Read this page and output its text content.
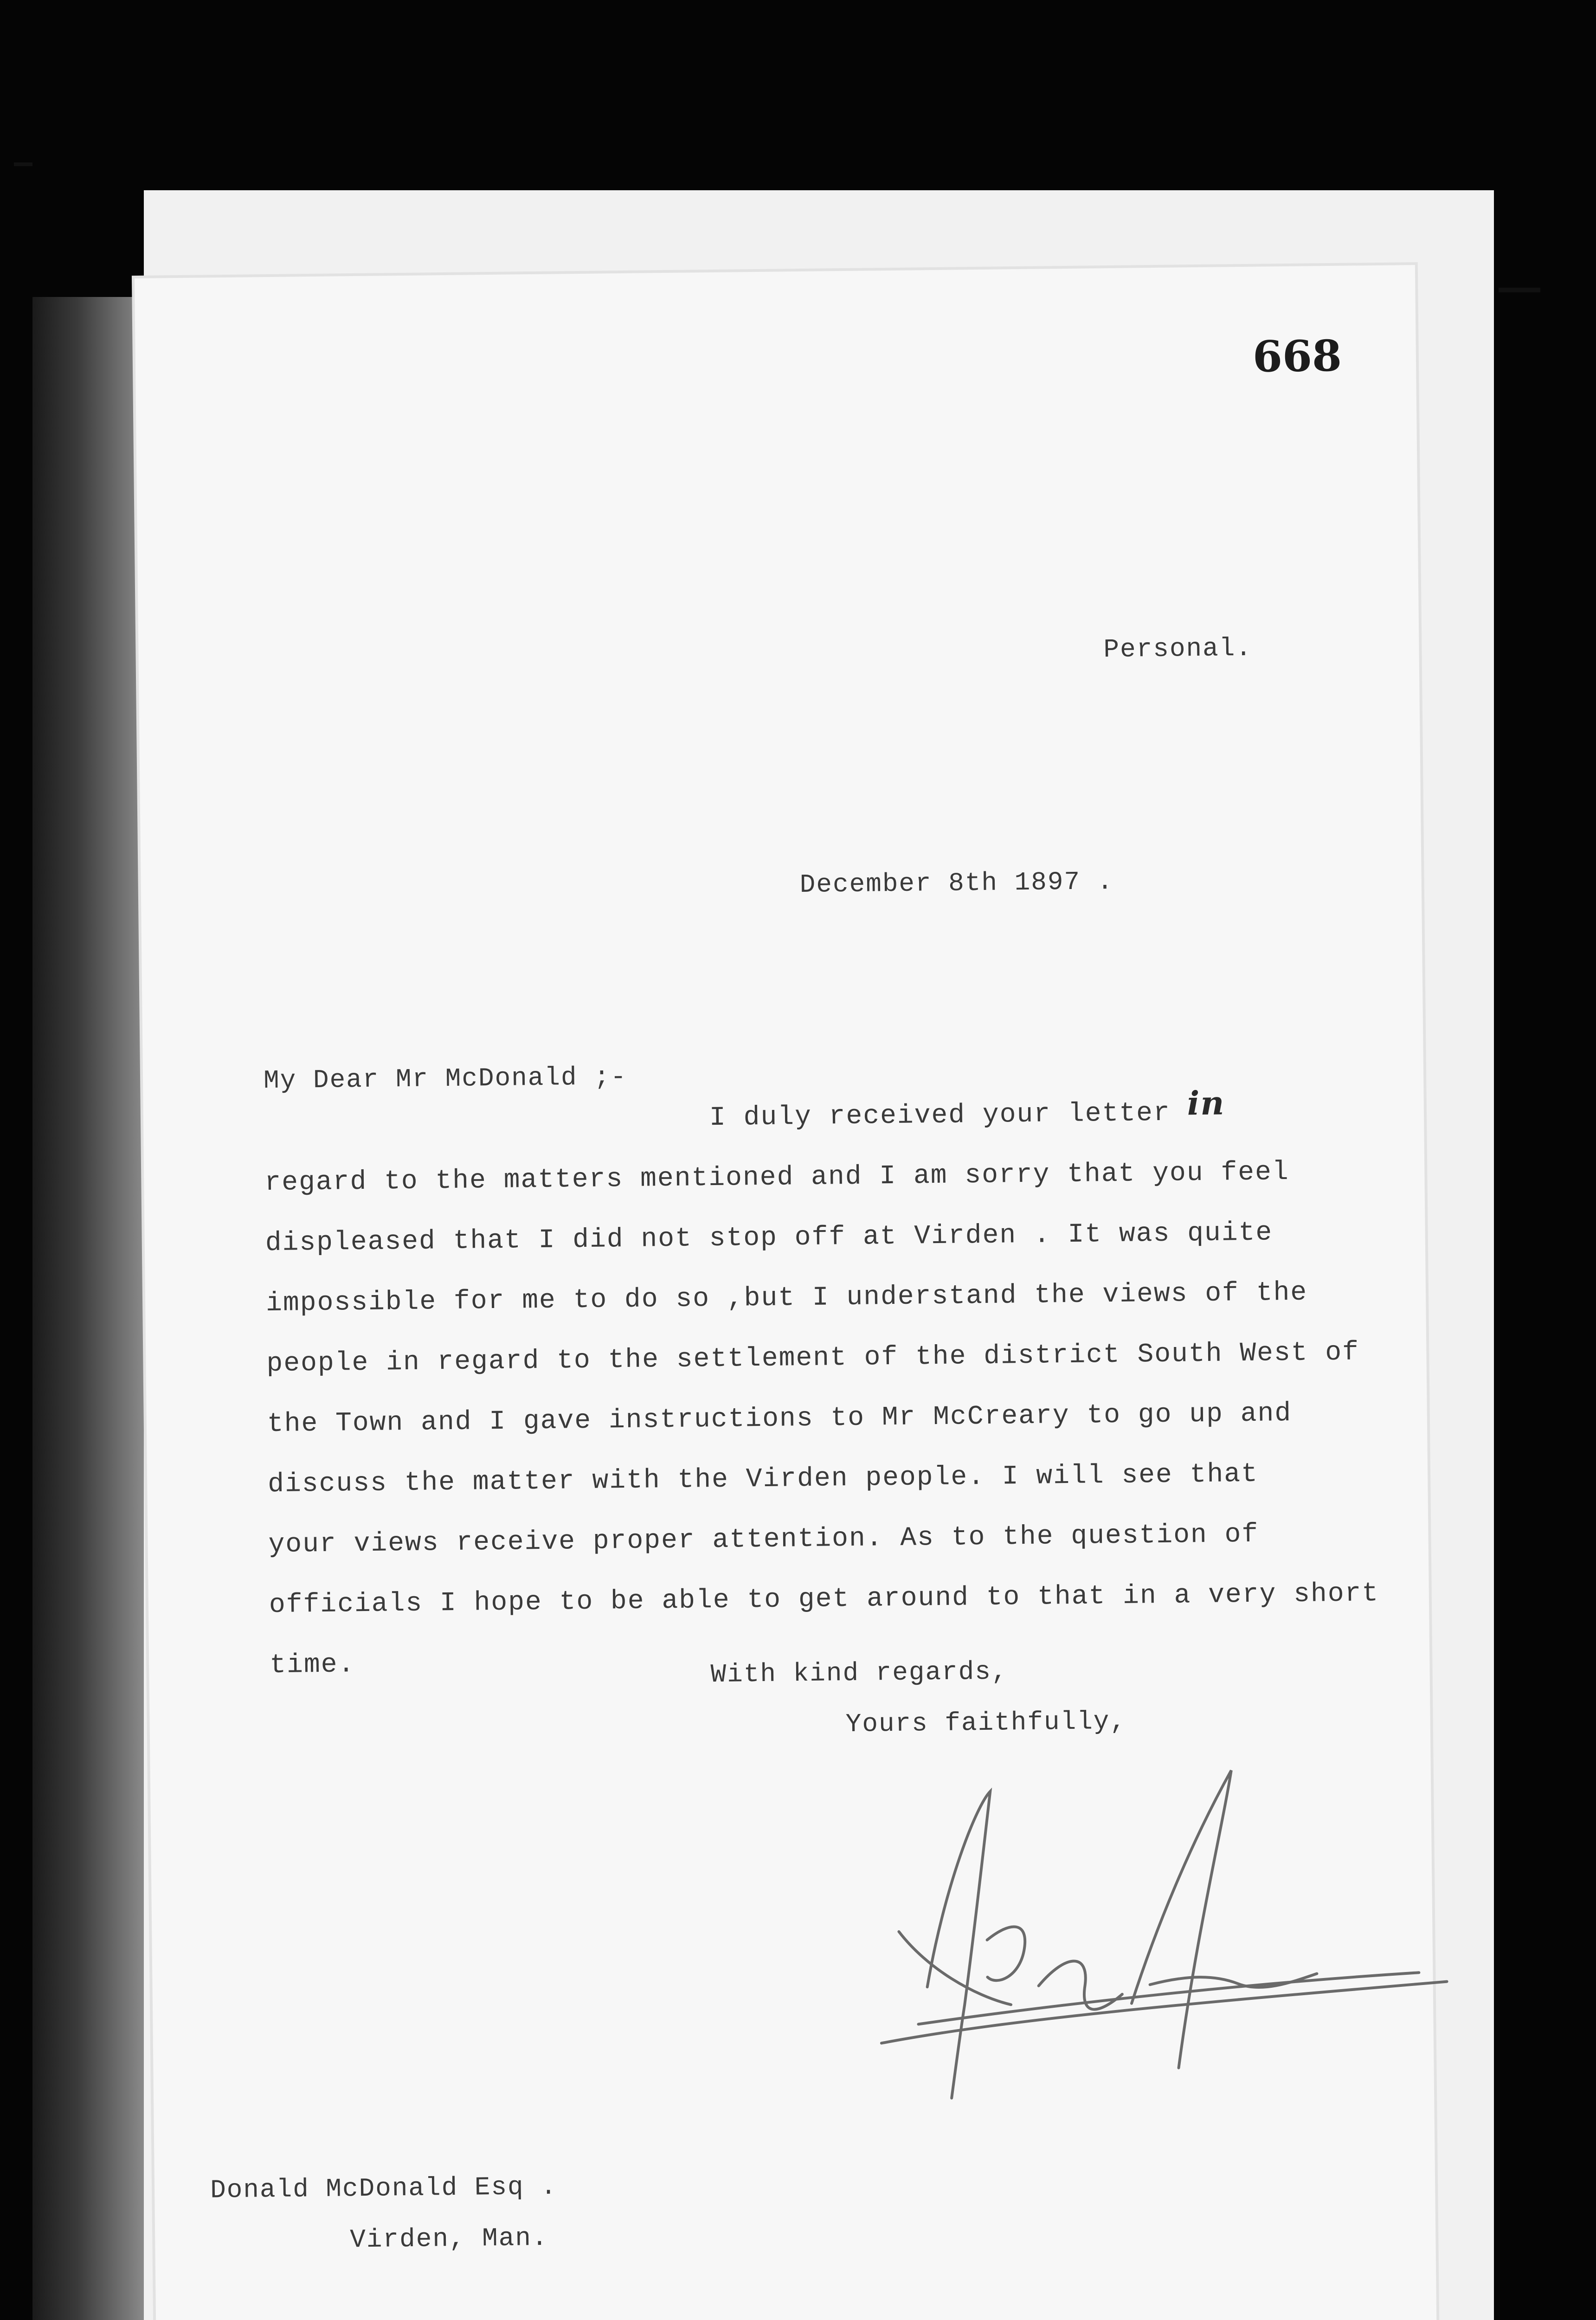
668
Personal.
December 8th 1897 .
My Dear Mr McDonald ;-
I duly received your letter in
regard to the matters mentioned and I am sorry that you feel
displeased that I did not stop off at Virden . It was quite
impossible for me to do so ,but I understand the views of the
people in regard to the settlement of the district South West of
the Town and I gave instructions to Mr McCreary to go up and
discuss the matter with the Virden people. I will see that
your views receive proper attention. As to the question of
officials I hope to be able to get around to that in a very short
time.	With kind regards,
Yours faithfully,
Donald McDonald Esq .
Virden, Man.
